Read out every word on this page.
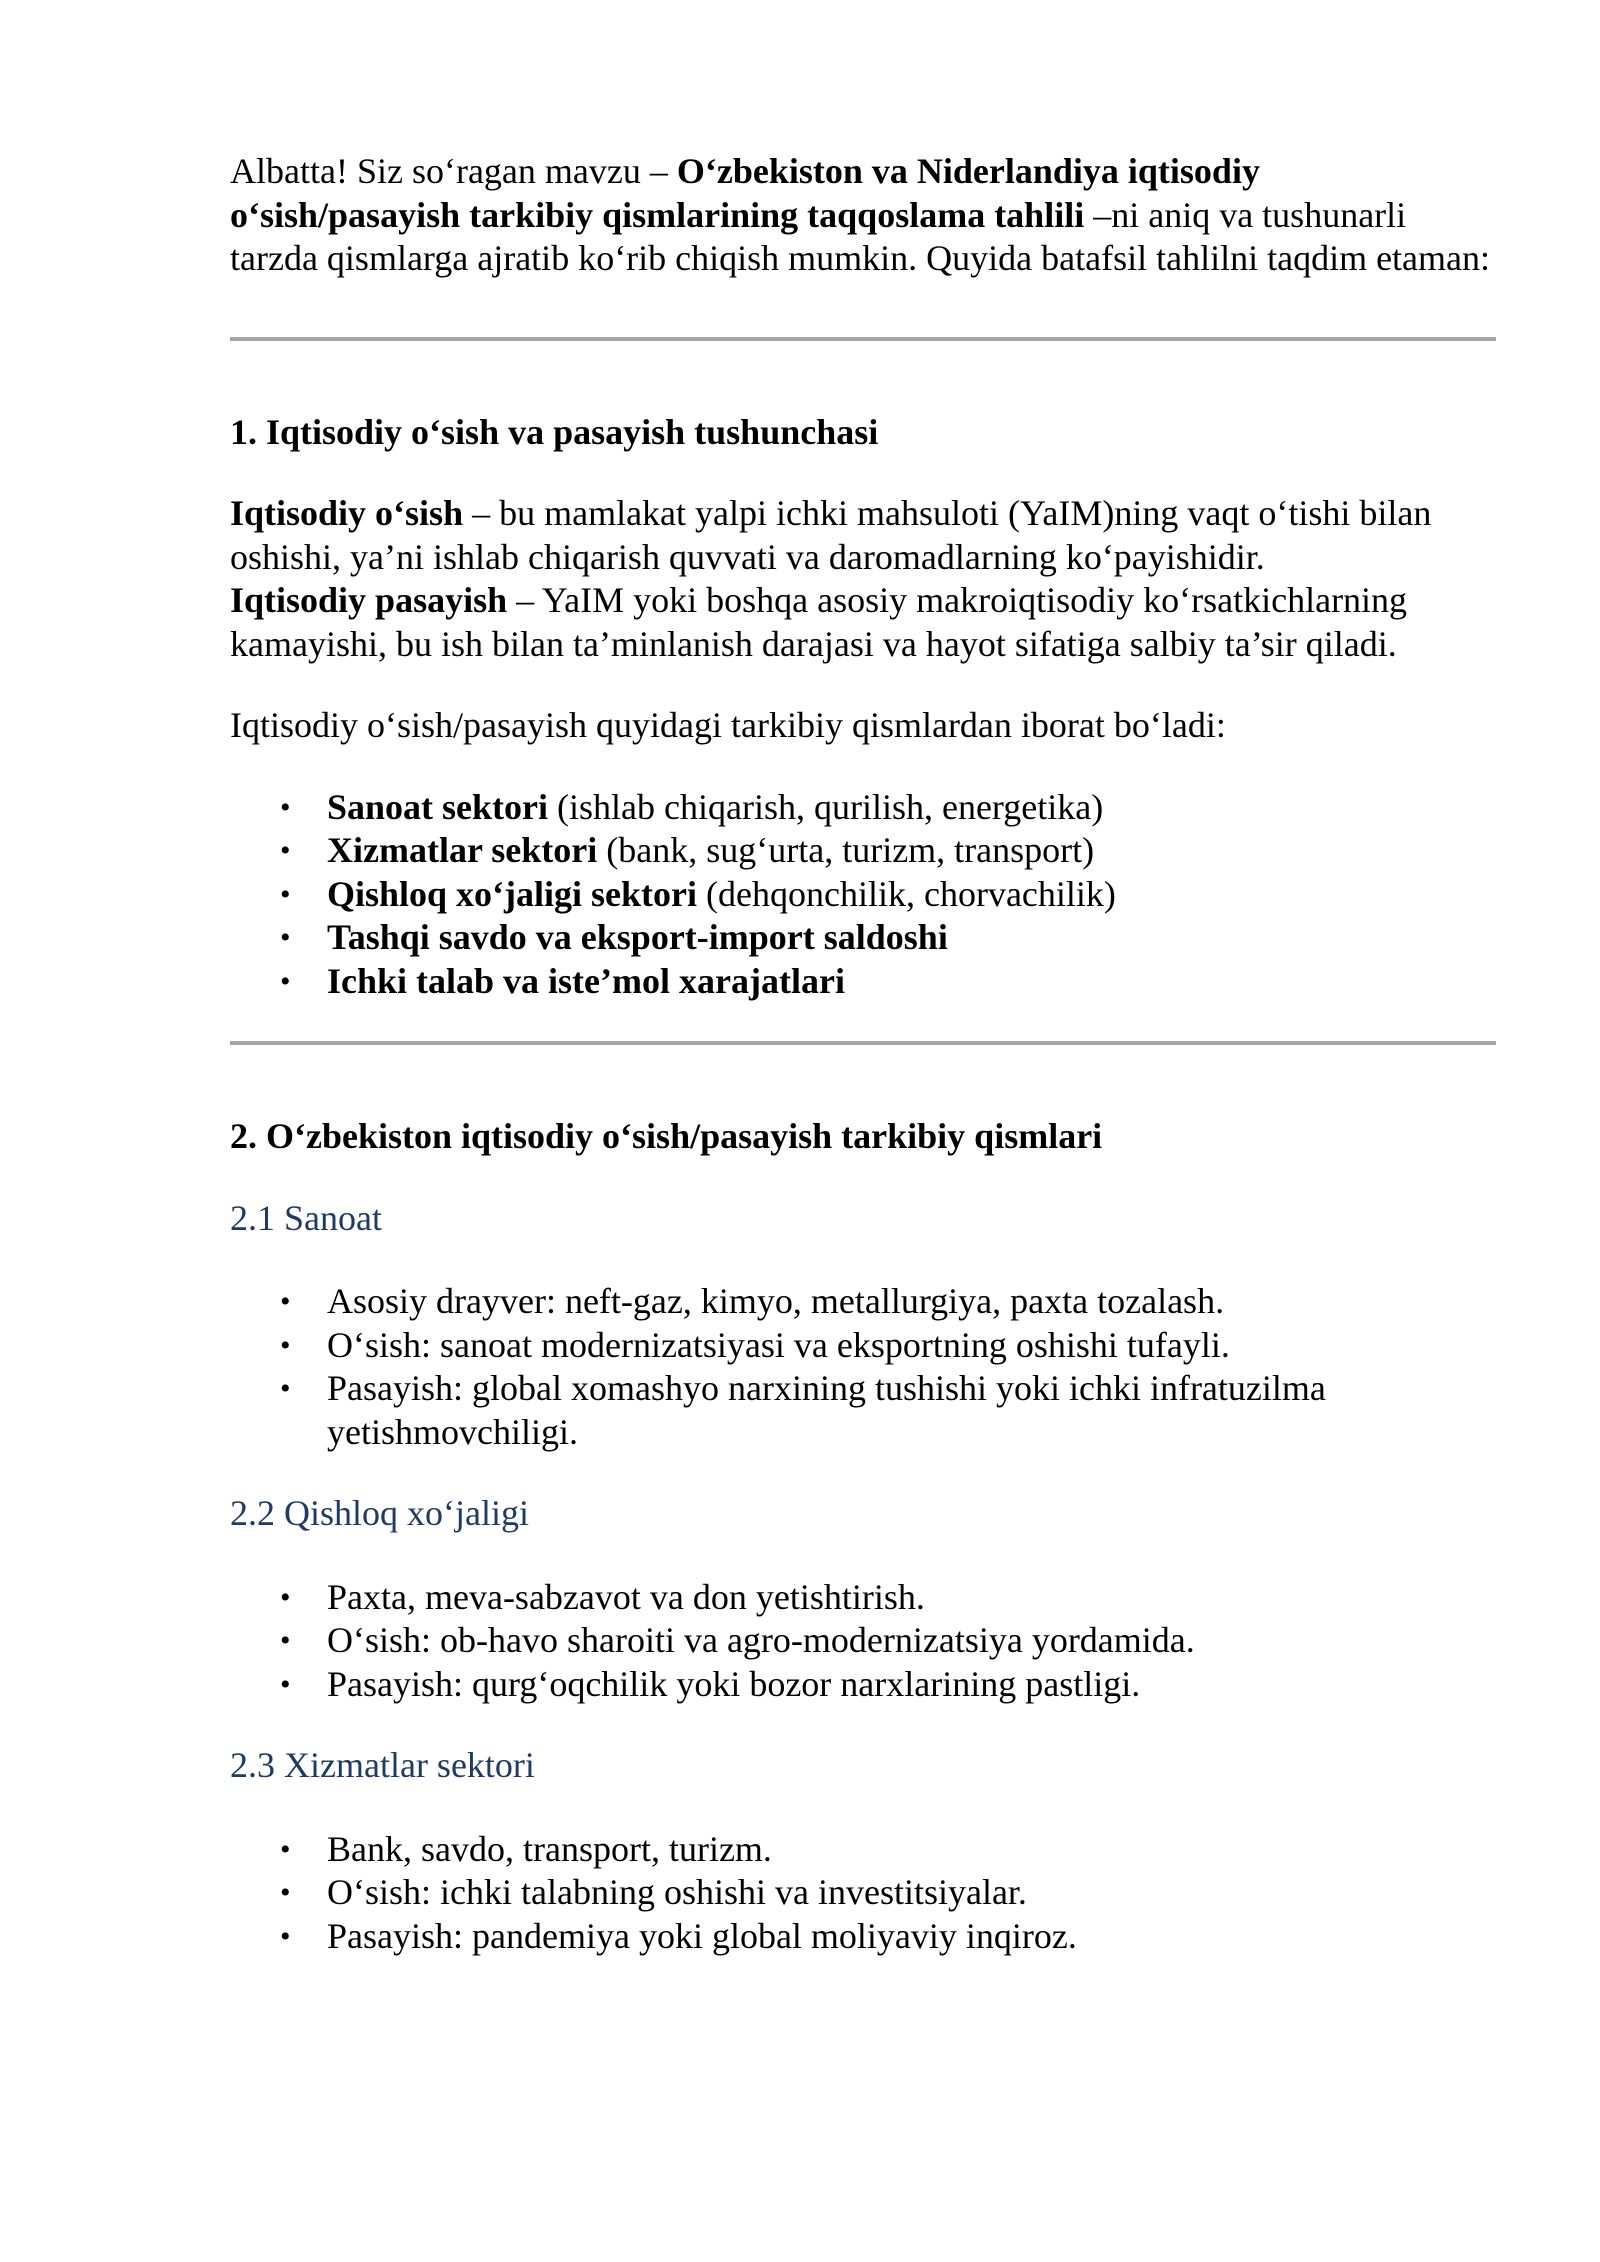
Albatta! Siz so‘ragan mavzu – O‘zbekiston va Niderlandiya iqtisodiy o‘sish/pasayish tarkibiy qismlarining taqqoslama tahlili –ni aniq va tushunarli tarzda qismlarga ajratib ko‘rib chiqish mumkin. Quyida batafsil tahlilni taqdim etaman:

1. Iqtisodiy o‘sish va pasayish tushunchasi

Iqtisodiy o‘sish – bu mamlakat yalpi ichki mahsuloti (YaIM)ning vaqt o‘tishi bilan oshishi, ya’ni ishlab chiqarish quvvati va daromadlarning ko‘payishidir.
Iqtisodiy pasayish – YaIM yoki boshqa asosiy makroiqtisodiy ko‘rsatkichlarning kamayishi, bu ish bilan ta’minlanish darajasi va hayot sifatiga salbiy ta’sir qiladi.

Iqtisodiy o‘sish/pasayish quyidagi tarkibiy qismlardan iborat bo‘ladi:

• Sanoat sektori (ishlab chiqarish, qurilish, energetika)
• Xizmatlar sektori (bank, sug‘urta, turizm, transport)
• Qishloq xo‘jaligi sektori (dehqonchilik, chorvachilik)
• Tashqi savdo va eksport-import saldoshi
• Ichki talab va iste’mol xarajatlari
2. O‘zbekiston iqtisodiy o‘sish/pasayish tarkibiy qismlari
2.1 Sanoat
• Asosiy drayver: neft-gaz, kimyo, metallurgiya, paxta tozalash.
• O‘sish: sanoat modernizatsiyasi va eksportning oshishi tufayli.
• Pasayish: global xomashyo narxining tushishi yoki ichki infratuzilma yetishmovchiligi.
2.2 Qishloq xo‘jaligi
• Paxta, meva-sabzavot va don yetishtirish.
• O‘sish: ob-havo sharoiti va agro-modernizatsiya yordamida.
• Pasayish: qurg‘oqchilik yoki bozor narxlarining pastligi.
2.3 Xizmatlar sektori
• Bank, savdo, transport, turizm.
• O‘sish: ichki talabning oshishi va investitsiyalar.
• Pasayish: pandemiya yoki global moliyaviy inqiroz.
